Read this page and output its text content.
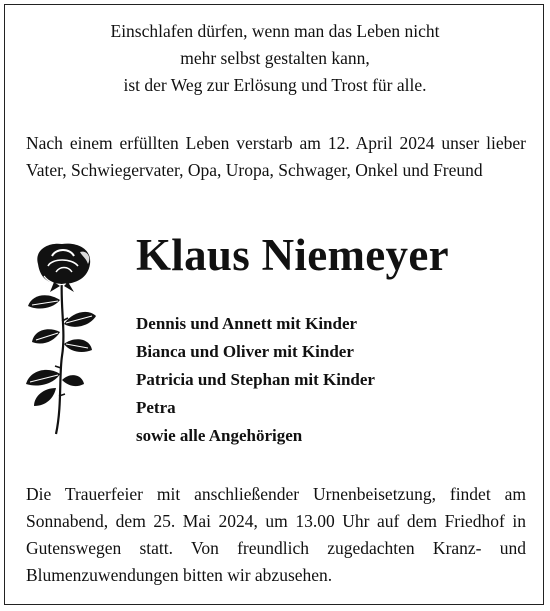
Einschlafen dürfen, wenn man das Leben nicht
mehr selbst gestalten kann,
ist der Weg zur Erlösung und Trost für alle.
Nach einem erfüllten Leben verstarb am 12. April 2024 unser lieber Vater, Schwiegervater, Opa, Uropa, Schwager, Onkel und Freund
Klaus Niemeyer
Dennis und Annett mit Kinder
Bianca und Oliver mit Kinder
Patricia und Stephan mit Kinder
Petra
sowie alle Angehörigen
Die Trauerfeier mit anschließender Urnenbeisetzung, findet am Sonnabend, dem 25. Mai 2024, um 13.00 Uhr auf dem Friedhof in Gutenswegen statt. Von freundlich zugedachten Kranz- und Blumenzuwendungen bitten wir abzusehen.
